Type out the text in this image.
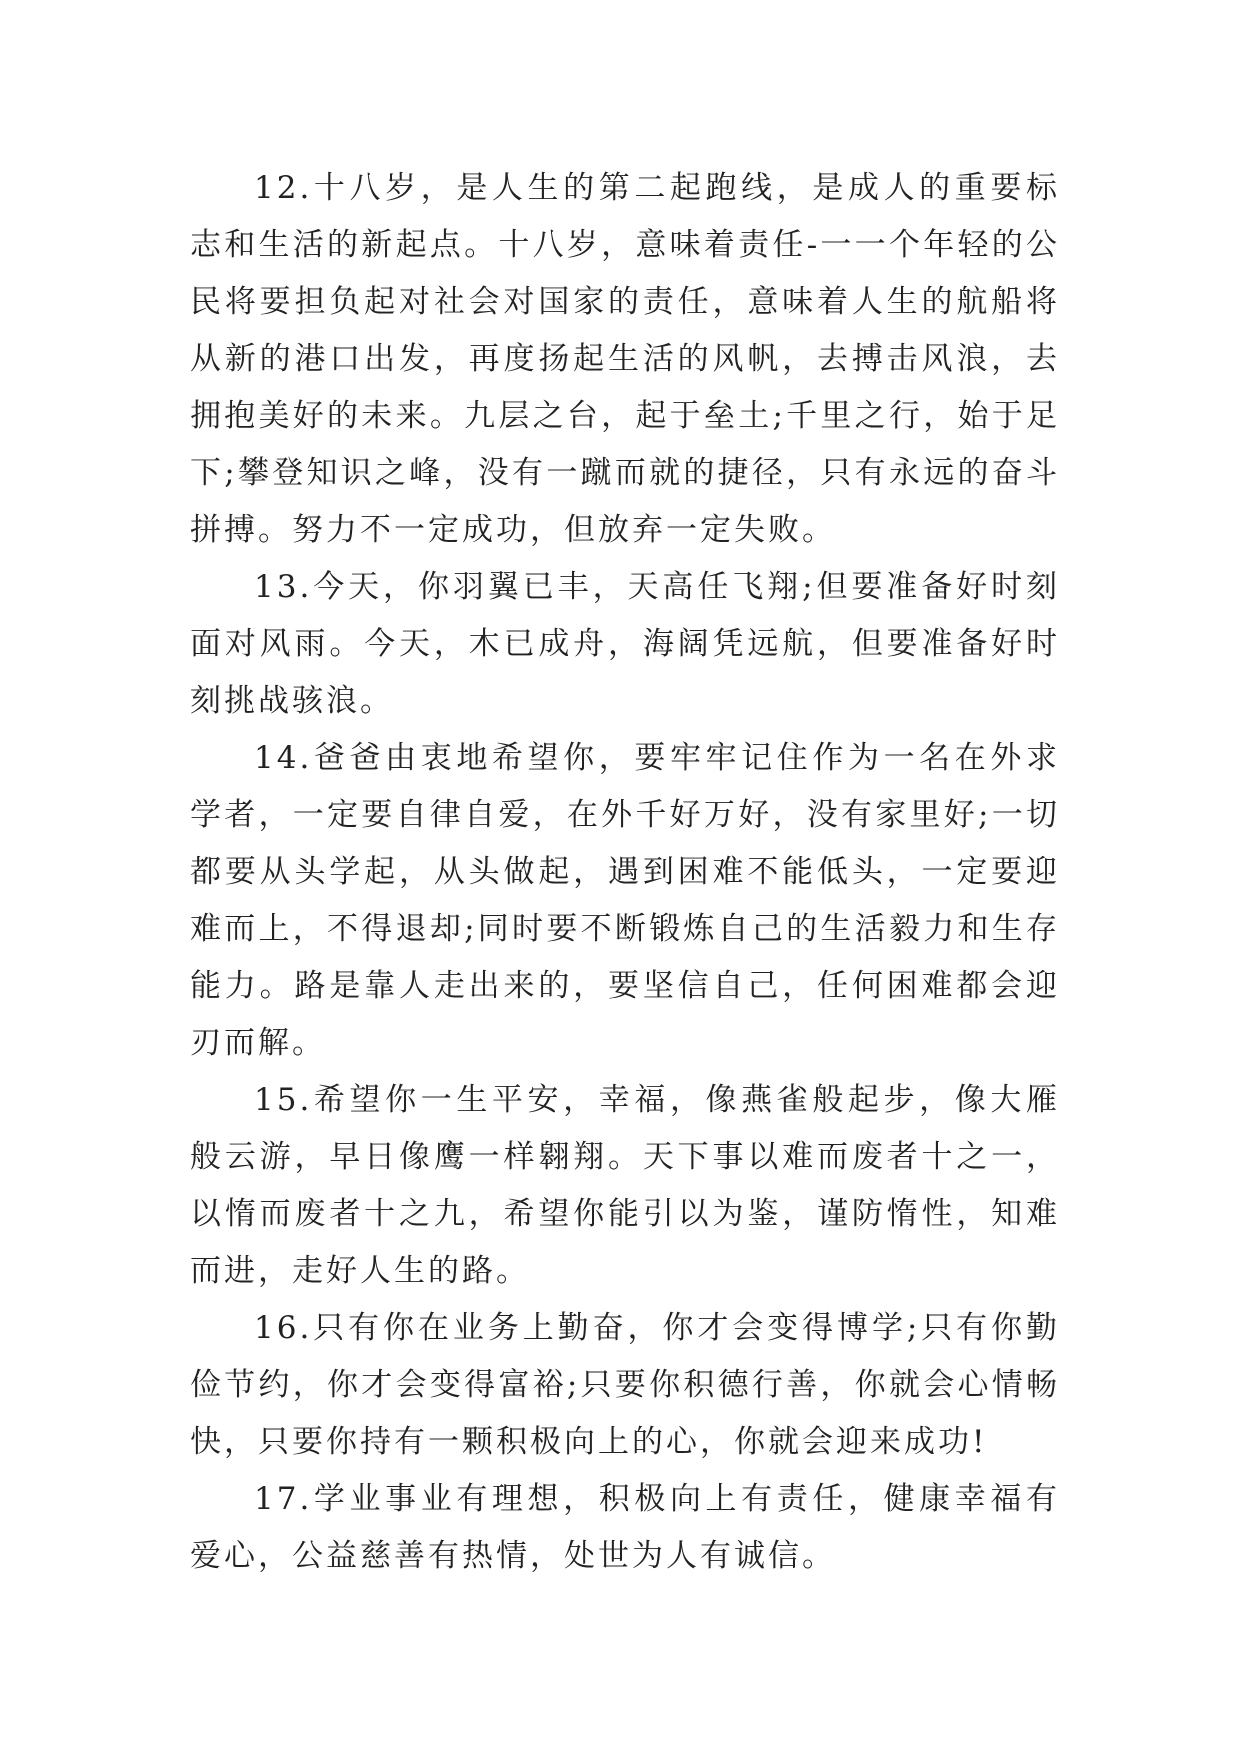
12.十八岁，是人生的第二起跑线，是成人的重要标志和生活的新起点。十八岁，意味着责任-一一个年轻的公民将要担负起对社会对国家的责任，意味着人生的航船将从新的港口出发，再度扬起生活的风帆，去搏击风浪，去拥抱美好的未来。九层之台，起于垒土;千里之行，始于足下;攀登知识之峰，没有一蹴而就的捷径，只有永远的奋斗拼搏。努力不一定成功，但放弃一定失败。

13.今天，你羽翼已丰，天高任飞翔;但要准备好时刻面对风雨。今天，木已成舟，海阔凭远航，但要准备好时刻挑战骇浪。

14.爸爸由衷地希望你，要牢牢记住作为一名在外求学者，一定要自律自爱，在外千好万好，没有家里好;一切都要从头学起，从头做起，遇到困难不能低头，一定要迎难而上，不得退却;同时要不断锻炼自己的生活毅力和生存能力。路是靠人走出来的，要坚信自己，任何困难都会迎刃而解。

15.希望你一生平安，幸福，像燕雀般起步，像大雁般云游，早日像鹰一样翱翔。天下事以难而废者十之一，以惰而废者十之九，希望你能引以为鉴，谨防惰性，知难而进，走好人生的路。

16.只有你在业务上勤奋，你才会变得博学;只有你勤俭节约，你才会变得富裕;只要你积德行善，你就会心情畅快，只要你持有一颗积极向上的心，你就会迎来成功!

17.学业事业有理想，积极向上有责任，健康幸福有爱心，公益慈善有热情，处世为人有诚信。
